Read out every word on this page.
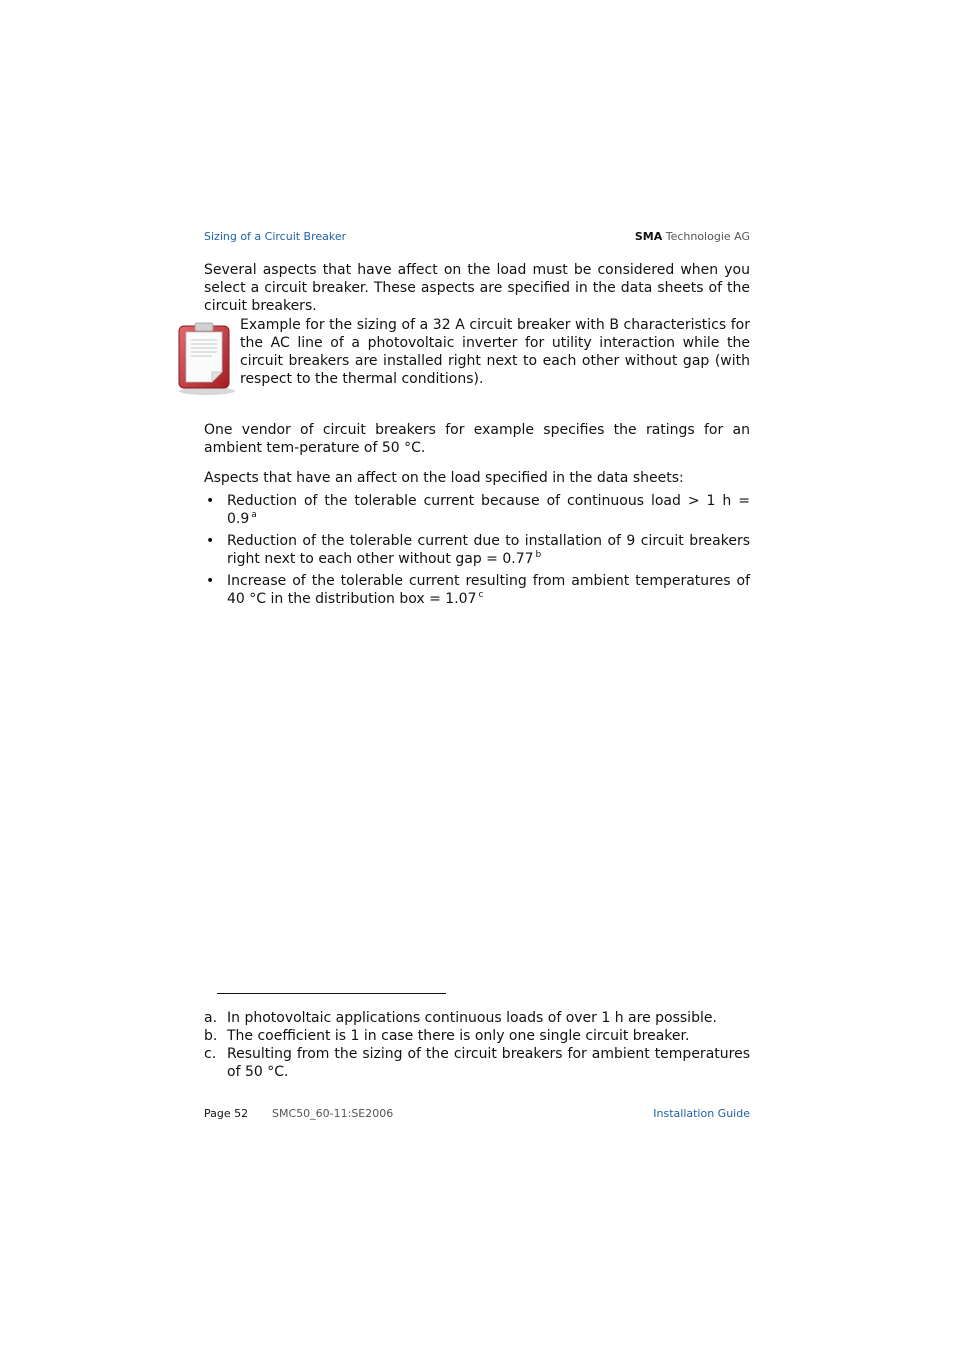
Sizing of a Circuit Breaker	SMA Technologie AG

Several aspects that have affect on the load must be considered when you select a circuit breaker. These aspects are specified in the data sheets of the circuit breakers.

Example for the sizing of a 32 A circuit breaker with B characteristics for the AC line of a photovoltaic inverter for utility interaction while the circuit breakers are installed right next to each other without gap (with respect to the thermal conditions).

One vendor of circuit breakers for example specifies the ratings for an ambient tem-perature of 50 °C.

Aspects that have an affect on the load specified in the data sheets:

• Reduction of the tolerable current because of continuous load > 1 h = 0.9 $^a$
• Reduction of the tolerable current due to installation of 9 circuit breakers right next to each other without gap = 0.77 $^b$
• Increase of the tolerable current resulting from ambient temperatures of 40 °C in the distribution box = 1.07 $^c$
a. In photovoltaic applications continuous loads of over 1 h are possible.
b. The coefficient is 1 in case there is only one single circuit breaker.
c. Resulting from the sizing of the circuit breakers for ambient temperatures of 50 °C.
Page 52 SMC50_60-11:SE2006	Installation Guide
